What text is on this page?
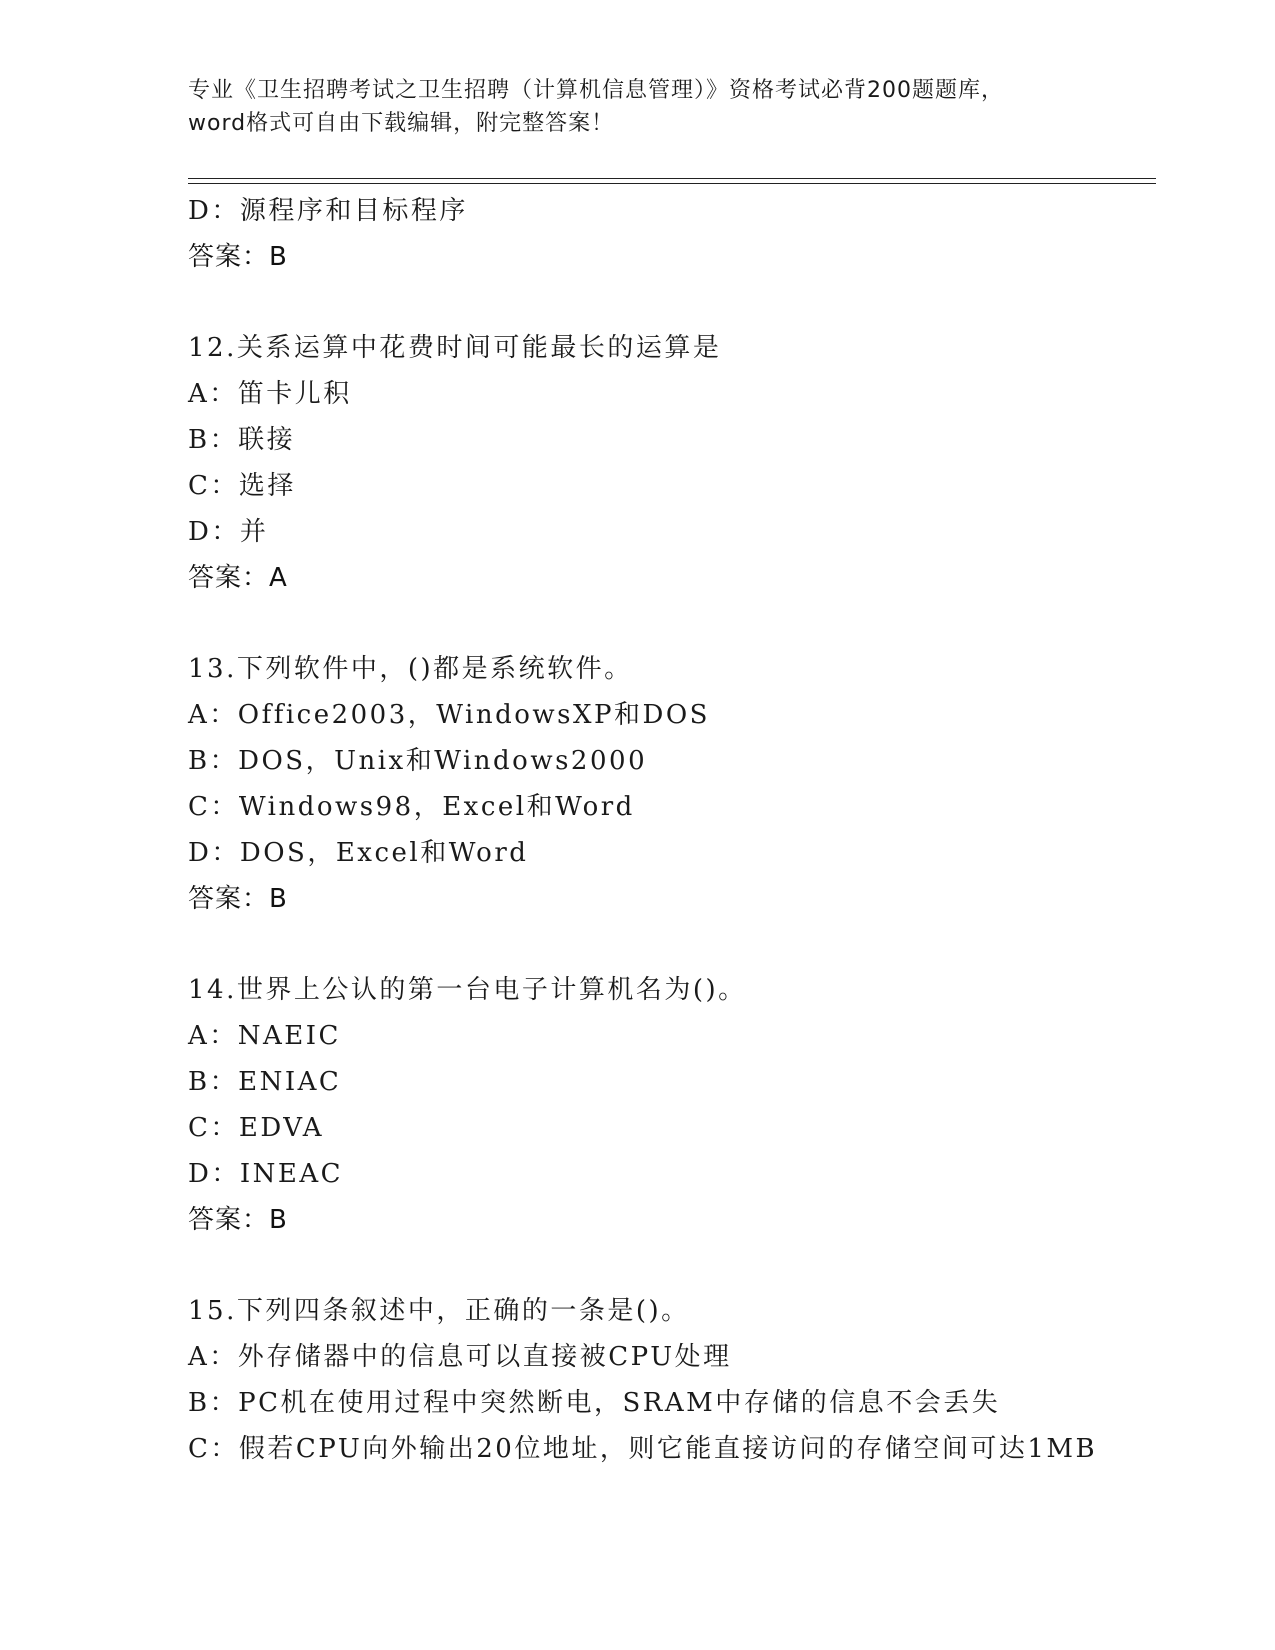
专业《卫生招聘考试之卫生招聘（计算机信息管理）》资格考试必背200题题库，
word格式可自由下载编辑，附完整答案！
D：源程序和目标程序
答案：B
12.关系运算中花费时间可能最长的运算是
A：笛卡儿积
B：联接
C：选择
D：并
答案：A
13.下列软件中，()都是系统软件。
A：Office2003，WindowsXP和DOS
B：DOS，Unix和Windows2000
C：Windows98，Excel和Word
D：DOS，Excel和Word
答案：B
14.世界上公认的第一台电子计算机名为()。
A：NAEIC
B：ENIAC
C：EDVA
D：INEAC
答案：B
15.下列四条叙述中，正确的一条是()。
A：外存储器中的信息可以直接被CPU处理
B：PC机在使用过程中突然断电，SRAM中存储的信息不会丢失
C：假若CPU向外输出20位地址，则它能直接访问的存储空间可达1MB
